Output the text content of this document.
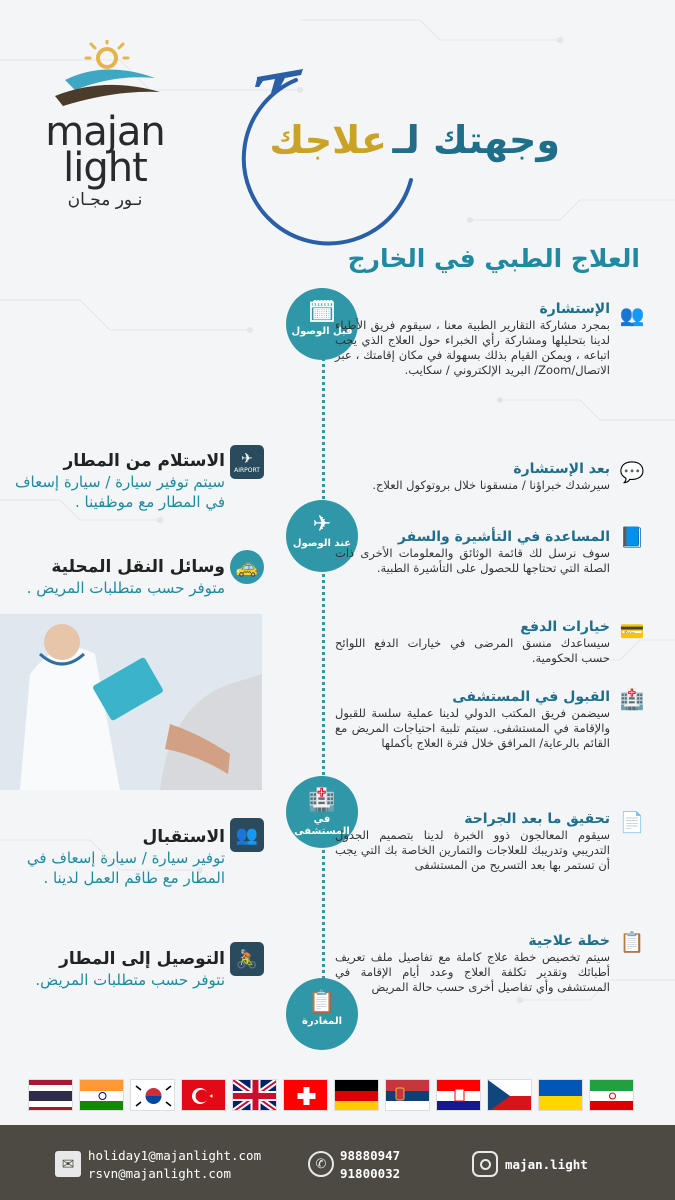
majan
light
نـور مجـان
وجهتك لـ علاجك
العلاج الطبي في الخارج
🗓
قبل الوصول
✈
عند الوصول
🏥
في المستشفى
📋
المغادرة
👥
الإستشارة
بمجرد مشاركة التقارير الطبية معنا ، سيقوم فريق الأطباء لدينا بتحليلها ومشاركة رأي الخبراء حول العلاج الذي يجب اتباعه ، ويمكن القيام بذلك بسهولة في مكان إقامتك ، عبر الاتصال/Zoom/ البريد الإلكتروني / سكايب.
💬
بعد الإستشارة
سيرشدك خبراؤنا / منسقونا خلال بروتوكول العلاج.
📘
المساعدة في التأشيرة والسفر
سوف نرسل لك قائمة الوثائق والمعلومات الأخرى ذات الصلة التي تحتاجها للحصول على التأشيرة الطبية.
💳
خيارات الدفع
سيساعدك منسق المرضى في خيارات الدفع اللوائح حسب الحكومية.
🏥
القبول في المستشفى
سيضمن فريق المكتب الدولي لدينا عملية سلسة للقبول والإقامة في المستشفى. سيتم تلبية احتياجات المريض مع القائم بالرعاية/ المرافق خلال فترة العلاج بأكملها
📄
تحقيق ما بعد الجراحة
سيقوم المعالجون ذوو الخبرة لدينا بتصميم الجدول التدريبي وتدريبك للعلاجات والتمارين الخاصة بك التي يجب أن تستمر بها بعد التسريح من المستشفى
📋
خطة علاجية
سيتم تخصيص خطة علاج كاملة مع تفاصيل ملف تعريف أطبائك وتقدير تكلفة العلاج وعدد أيام الإقامة في المستشفى وأي تفاصيل أخرى حسب حالة المريض
✈
AIRPORT
الاستلام من المطار
سيتم توفير سيارة / سيارة إسعاف في المطار مع موظفينا .
🚕
وسائل النقل المحلية
متوفر حسب متطلبات المريض .
👥
الاستقبال
توفير سيارة / سيارة إسعاف في المطار مع طاقم العمل لدينا .
🚴
التوصيل إلى المطار
نتوفر حسب متطلبات المريض.
✉	holiday1@majanlight.com
rsvn@majanlight.com
✆
98880947
91800032
majan.light
